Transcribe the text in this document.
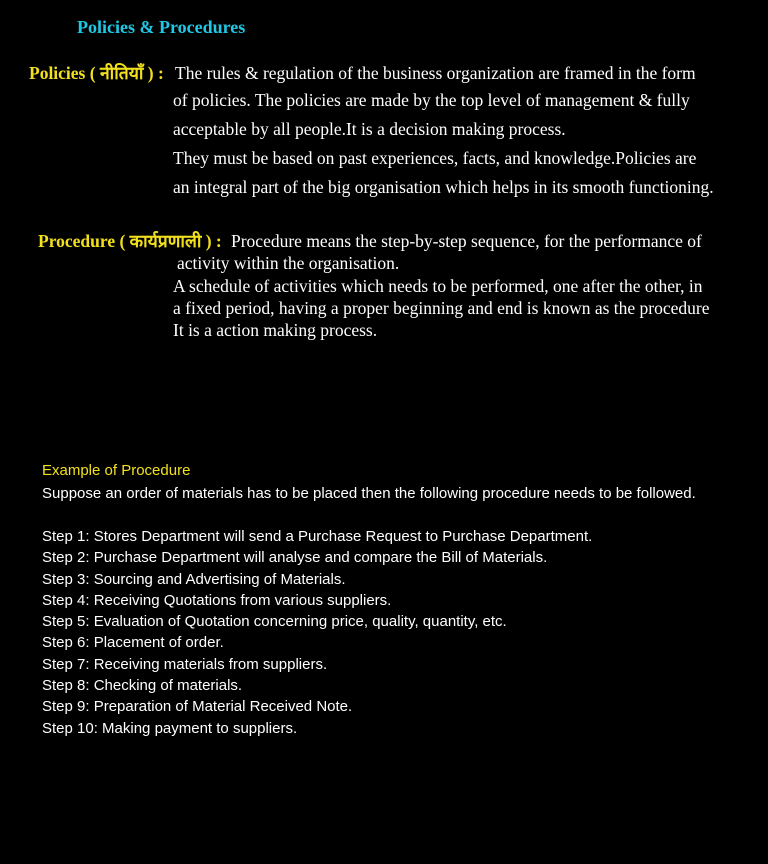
Policies & Procedures
Policies ( नीतियाँ ) : The rules & regulation of the business organization are framed in the form
of policies. The policies are made by the top level of management & fully
acceptable by all people.It is a decision making process.
They must be based on past experiences, facts, and knowledge.Policies are
an integral part of the big organisation which helps in its smooth functioning.
Procedure ( कार्यप्रणाली ) : Procedure means the step-by-step sequence, for the performance of
activity within the organisation.
A schedule of activities which needs to be performed, one after the other, in
a fixed period, having a proper beginning and end is known as the procedure
It is a action making process.
Example of Procedure
Suppose an order of materials has to be placed then the following procedure needs to be followed.
Step 1: Stores Department will send a Purchase Request to Purchase Department.
Step 2: Purchase Department will analyse and compare the Bill of Materials.
Step 3: Sourcing and Advertising of Materials.
Step 4: Receiving Quotations from various suppliers.
Step 5: Evaluation of Quotation concerning price, quality, quantity, etc.
Step 6: Placement of order.
Step 7: Receiving materials from suppliers.
Step 8: Checking of materials.
Step 9: Preparation of Material Received Note.
Step 10: Making payment to suppliers.
